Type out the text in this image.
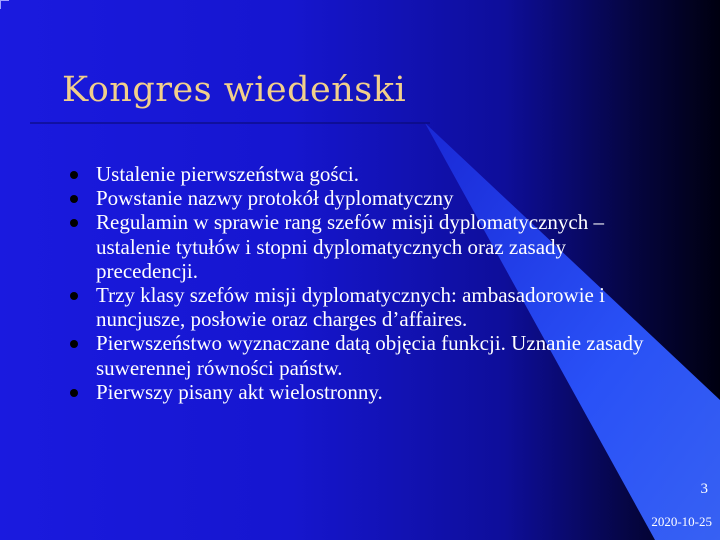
Kongres wiedeński
Ustalenie pierwszeństwa gości.
Powstanie nazwy protokół dyplomatyczny
Regulamin w sprawie rang szefów misji dyplomatycznych – ustalenie tytułów i stopni dyplomatycznych oraz zasady precedencji.
Trzy klasy szefów misji dyplomatycznych: ambasadorowie i nuncjusze, posłowie oraz charges d’affaires.
Pierwszeństwo wyznaczane datą objęcia funkcji. Uznanie zasady suwerennej równości państw.
Pierwszy pisany akt wielostronny.
3
2020-10-25
